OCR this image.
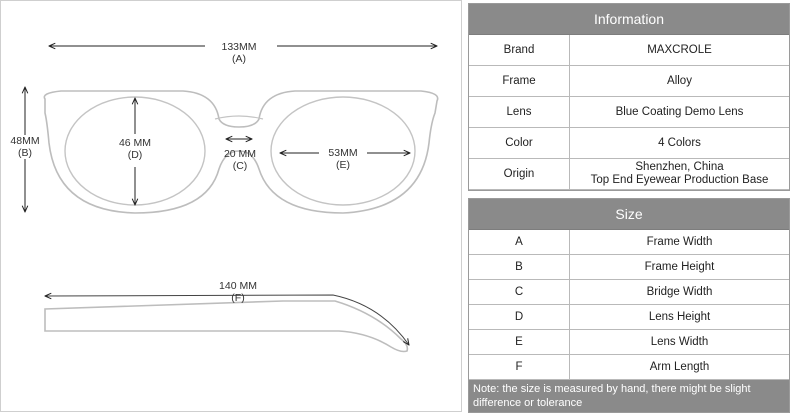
133MM
(A)
48MM
(B)
46 MM
(D)	20 MM
(C)
53MM
(E)
140 MM
(F)
Information
Brand	MAXCROLE
Frame	Alloy
Lens	Blue Coating Demo Lens
Color	4 Colors
Origin	Shenzhen, China
Top End Eyewear Production Base
Size
A	Frame Width
B	Frame Height
C	Bridge Width
D	Lens Height
E	Lens Width
F	Arm Length
Note: the size is measured by hand, there might be slight difference or tolerance
